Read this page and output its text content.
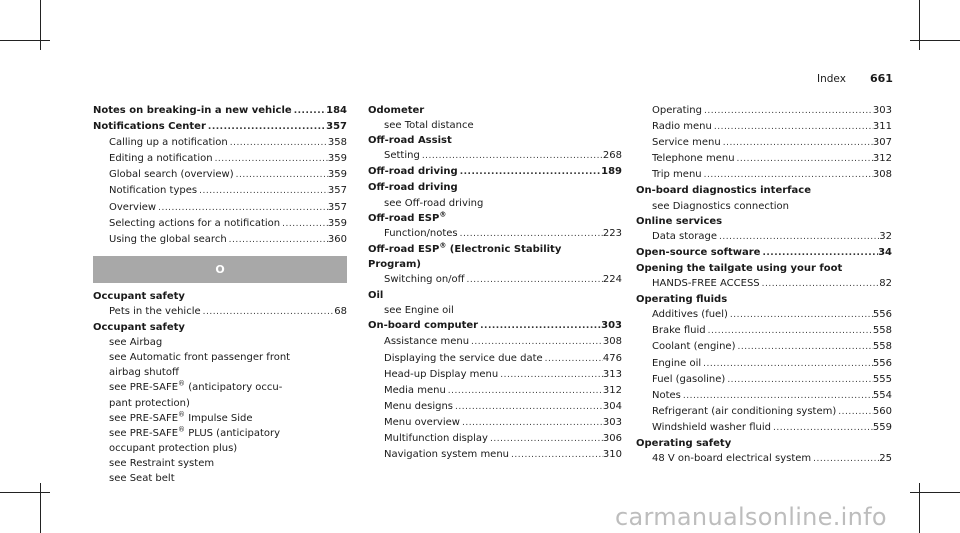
Index 661
Notes on breaking-in a new vehicle .....	184
Notifications Center .....	357
Calling up a notification .....	358
Editing a notification .....	359
Global search (overview) .....	359
Notification types .....	357
Overview .....	357
Selecting actions for a notification .....	359
Using the global search .....	360
O
Occupant safety
Pets in the vehicle .....	68
Occupant safety
see Airbag
see Automatic front passenger front
airbag shutoff
see PRE-SAFE® (anticipatory occu-
pant protection)
see PRE-SAFE® Impulse Side
see PRE-SAFE® PLUS (anticipatory
occupant protection plus)
see Restraint system
see Seat belt
Odometer
see Total distance
Off-road Assist
Setting .....	268
Off-road driving .....	189
Off-road driving
see Off-road driving
Off-road ESP®
Function/notes .....	223
Off-road ESP® (Electronic Stability
Program)
Switching on/off .....	224
Oil
see Engine oil
On-board computer .....	303
Assistance menu .....	308
Displaying the service due date .....	476
Head-up Display menu .....	313
Media menu .....	312
Menu designs .....	304
Menu overview .....	303
Multifunction display .....	306
Navigation system menu .....	310
Operating .....	303
Radio menu .....	311
Service menu .....	307
Telephone menu .....	312
Trip menu .....	308
On-board diagnostics interface
see Diagnostics connection
Online services
Data storage .....	32
Open-source software .....	34
Opening the tailgate using your foot
HANDS-FREE ACCESS .....	82
Operating fluids
Additives (fuel) .....	556
Brake fluid .....	558
Coolant (engine) .....	558
Engine oil .....	556
Fuel (gasoline) .....	555
Notes .....	554
Refrigerant (air conditioning system) .....	560
Windshield washer fluid .....	559
Operating safety
48 V on-board electrical system .....	25
carmanualsonline.info
